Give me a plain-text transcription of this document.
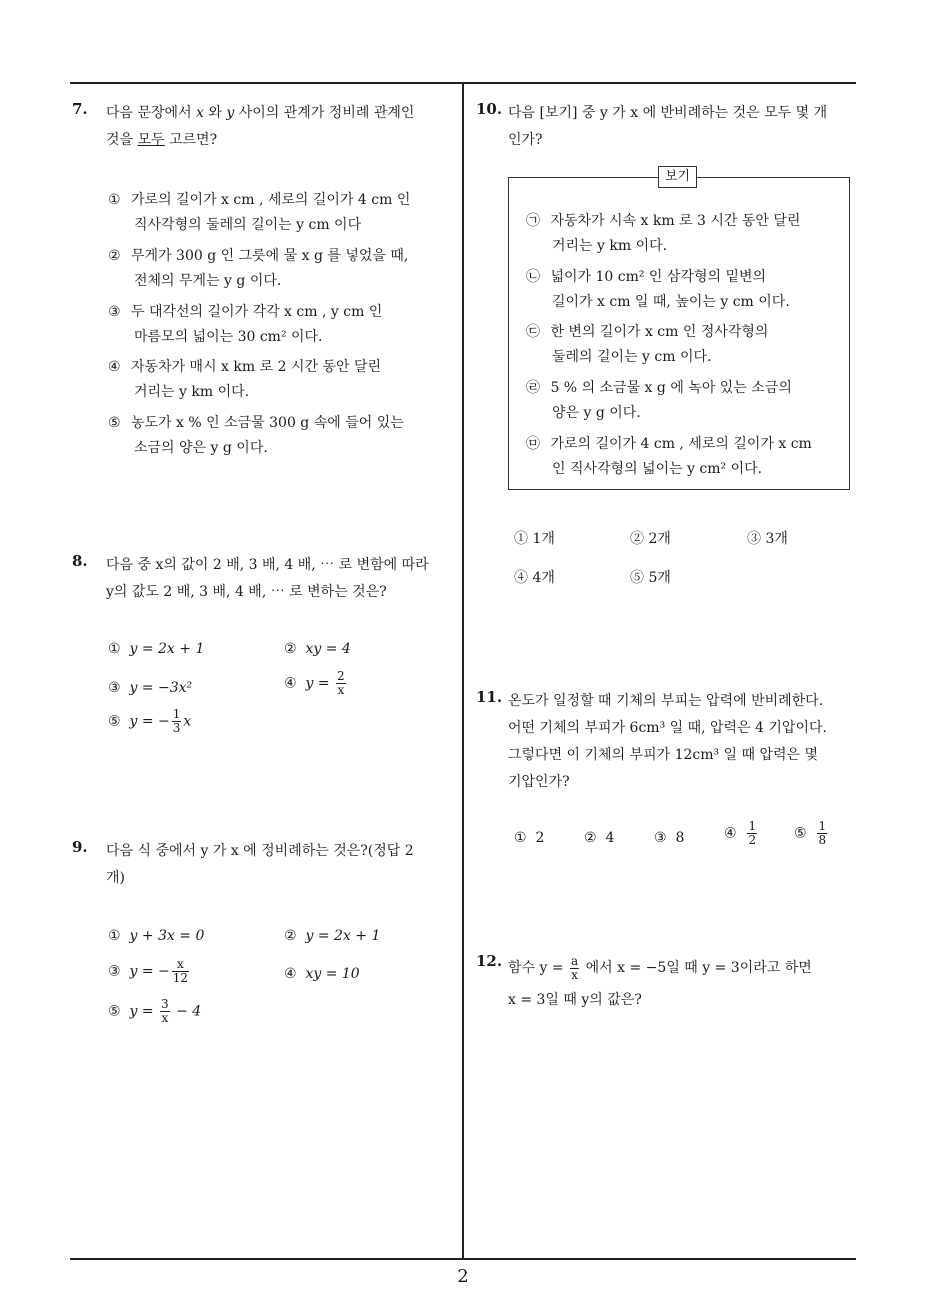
2
7. 다음 문장에서 x 와 y 사이의 관계가 정비례 관계인
것을 모두 고르면?
① 가로의 길이가 x cm , 세로의 길이가 4 cm 인
직사각형의 둘레의 길이는 y cm 이다
② 무게가 300 g 인 그릇에 물 x g 를 넣었을 때,
전체의 무게는 y g 이다.
③ 두 대각선의 길이가 각각 x cm , y cm 인
마름모의 넓이는 30 cm² 이다.
④ 자동차가 매시 x km 로 2 시간 동안 달린
거리는 y km 이다.
⑤ 농도가 x % 인 소금물 300 g 속에 들어 있는
소금의 양은 y g 이다.
8. 다음 중 x의 값이 2 배, 3 배, 4 배, ⋯ 로 변함에 따라
y의 값도 2 배, 3 배, 4 배, ⋯ 로 변하는 것은?
① y = 2x + 1	② xy = 4
③ y = −3x²	④ $y = \frac{2}{x}$
⑤ y = − $\frac{1}{3}$ x
9. 다음 식 중에서 y 가 x 에 정비례하는 것은?(정답 2
개)
① y + 3x = 0	② y = 2x + 1
③ y = − $\frac{x}{12}$	④ xy = 10
⑤ $y = \frac{3}{x} - 4$
10. 다음 [보기] 중 y 가 x 에 반비례하는 것은 모두 몇 개
인가?
보기
㉠ 자동차가 시속 x km 로 3 시간 동안 달린
거리는 y km 이다.
㉡ 넓이가 10 cm² 인 삼각형의 밑변의
길이가 x cm 일 때, 높이는 y cm 이다.
㉢ 한 변의 길이가 x cm 인 정사각형의
둘레의 길이는 y cm 이다.
㉣ 5 % 의 소금물 x g 에 녹아 있는 소금의
양은 y g 이다.
㉤ 가로의 길이가 4 cm , 세로의 길이가 x cm
인 직사각형의 넓이는 y cm² 이다.
① 1개	② 2개	③ 3개
④ 4개	⑤ 5개
11. 온도가 일정할 때 기체의 부피는 압력에 반비례한다.
어떤 기체의 부피가 6cm³ 일 때, 압력은 4 기압이다.
그렇다면 이 기체의 부피가 12cm³ 일 때 압력은 몇
기압인가?
① 2	② 4	③ 8	④ $\frac{1}{2}$	⑤ $\frac{1}{8}$
12. 함수 $y = \frac{a}{x}$ 에서 x = −5일 때 y = 3이라고 하면
x = 3일 때 y의 값은?
